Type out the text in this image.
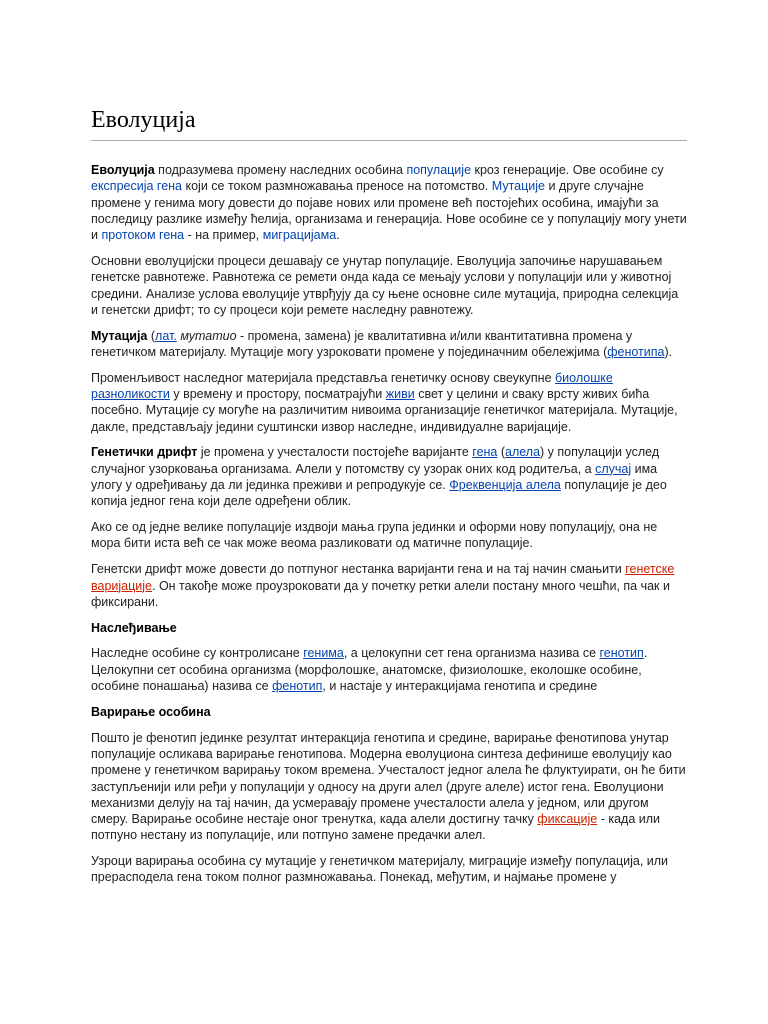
Еволуција

Еволуција подразумева промену наследних особина популације кроз генерације. Ове особине су експресија гена који се током размножавања преносе на потомство. Мутације и друге случајне промене у генима могу довести до појаве нових или промене већ постојећих особина, имајући за последицу разлике између ћелија, организама и генерација. Нове особине се у популацију могу унети и протоком гена - на пример, миграцијама.

Основни еволуцијски процеси дешавају се унутар популације. Еволуција започиње нарушавањем генетске равнотеже. Равнотежа се ремети онда када се мењају услови у популацији или у животној средини. Анализе услова еволуције утврђују да су њене основне силе мутација, природна селекција и генетски дрифт; то су процеси који ремете наследну равнотежу.

Мутација (лат. мутатио - промена, замена) је квалитативна и/или квантитативна промена у генетичком материјалу. Мутације могу узроковати промене у појединачним обележјима (фенотипа).

Променљивост наследног материјала представља генетичку основу свеукупне биолошке разноликости у времену и простору, посматрајући живи свет у целини и сваку врсту живих бића посебно. Мутације су могуће на различитим нивоима организације генетичког материјала. Мутације, дакле, представљају једини суштински извор наследне, индивидуалне варијације.

Генетички дрифт је промена у учесталости постојеће варијанте гена (алела) у популацији услед случајног узорковања организама. Алели у потомству су узорак оних код родитеља, а случај има улогу у одређивању да ли јединка преживи и репродукује се. Фреквенција алела популације је део копија једног гена који деле одређени облик.

Ако се од једне велике популације издвоји мања група јединки и оформи нову популацију, она не мора бити иста већ се чак може веома разликовати од матичне популације.

Генетски дрифт може довести до потпуног нестанка варијанти гена и на тај начин смањити генетске варијације. Он такође може проузроковати да у почетку ретки алели постану много чешћи, па чак и фиксирани.

Наслеђивање

Наследне особине су контролисане генима, а целокупни сет гена организма назива се генотип. Целокупни сет особина организма (морфолошке, анатомске, физиолошке, еколошке особине, особине понашања) назива се фенотип, и настаје у интеракцијама генотипа и средине

Варирање особина

Пошто је фенотип јединке резултат интеракција генотипа и средине, варирање фенотипова унутар популације осликава варирање генотипова. Модерна еволуциона синтеза дефинише еволуцију као промене у генетичком варирању током времена. Учесталост једног алела ће флуктуирати, он ће бити заступљенији или ређи у популацији у односу на други алел (друге алеле) истог гена. Еволуциони механизми делују на тај начин, да усмеравају промене учесталости алела у једном, или другом смеру. Варирање особине нестаје оног тренутка, када алели достигну тачку фиксације - када или потпуно нестану из популације, или потпуно замене предачки алел.

Узроци варирања особина су мутације у генетичком материјалу, миграције између популација, или прерасподела гена током полног размножавања. Понекад, међутим, и најмање промене у
